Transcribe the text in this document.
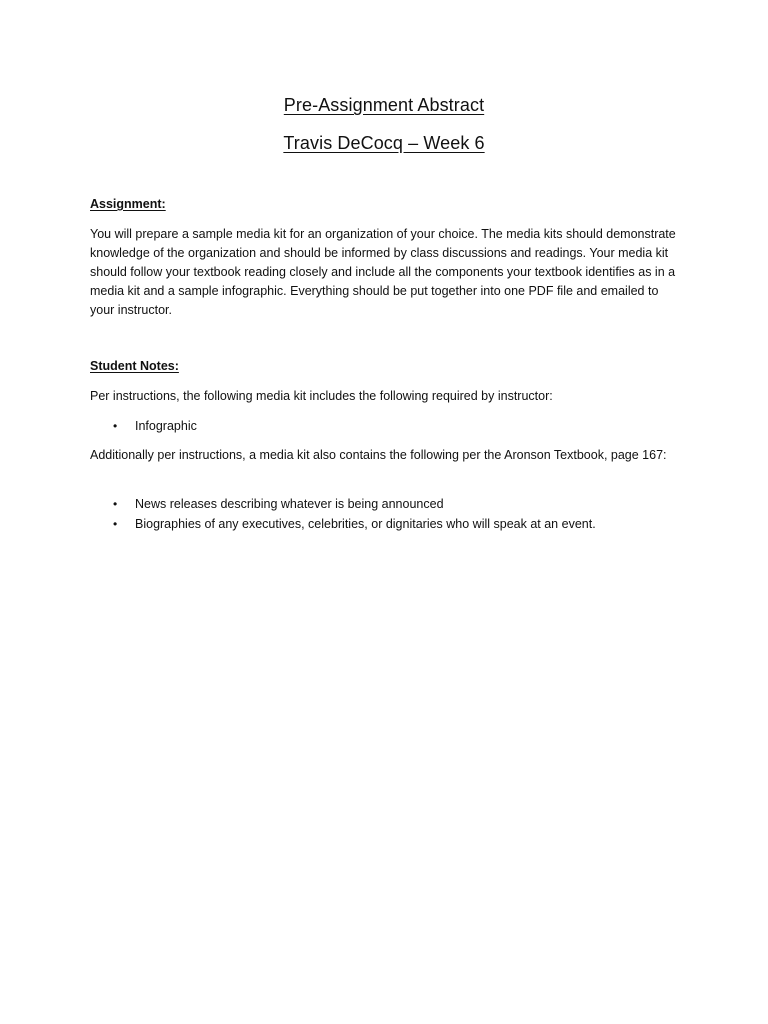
Pre-Assignment Abstract
Travis DeCocq – Week 6

Assignment:

You will prepare a sample media kit for an organization of your choice. The media kits should demonstrate knowledge of the organization and should be informed by class discussions and readings. Your media kit should follow your textbook reading closely and include all the components your textbook identifies as in a media kit and a sample infographic. Everything should be put together into one PDF file and emailed to your instructor.

Student Notes:

Per instructions, the following media kit includes the following required by instructor:

• Infographic

Additionally per instructions, a media kit also contains the following per the Aronson Textbook, page 167:

• News releases describing whatever is being announced
• Biographies of any executives, celebrities, or dignitaries who will speak at an event.
